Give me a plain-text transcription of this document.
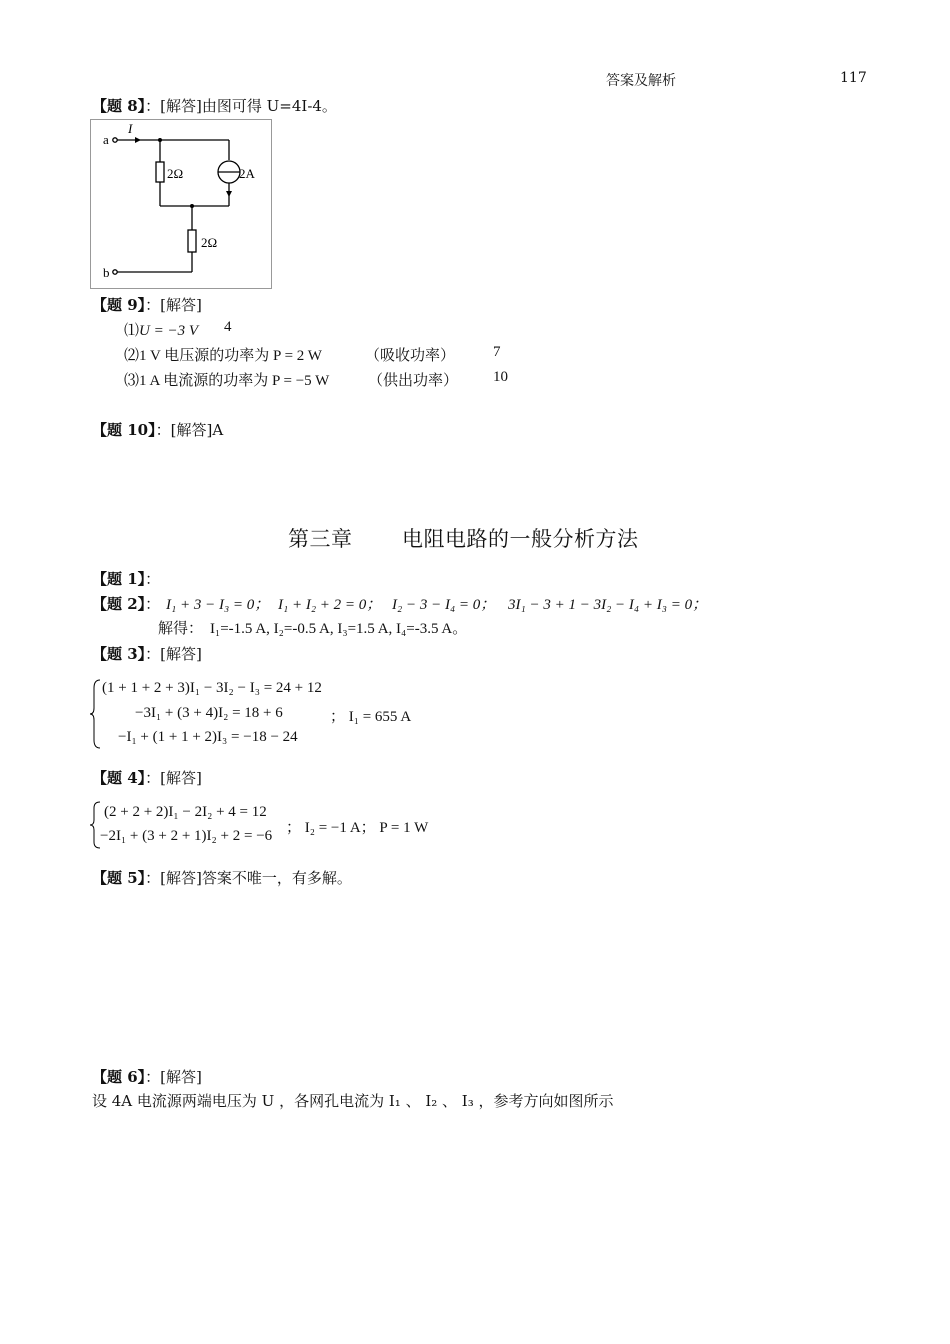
答案及解析	117
【题 8】：[解答]由图可得 U=4I-4。
a
b
I
2Ω	2A
2Ω
【题 9】：[解答]
⑴U = −3 V 4
⑵1 V 电压源的功率为 P = 2 W	（吸收功率）	7
⑶1 A 电流源的功率为 P = −5 W	（供出功率） 10
【题 10】：[解答]A
第三章 电阻电路的一般分析方法
【题 1】：
【题 2】： I₁ + 3 − I₃ = 0； I₁ + I₂ + 2 = 0； I₂ − 3 − I₄ = 0； 3I₁ − 3 + 1 − 3I₂ − I₄ + I₃ = 0；
解得： I₁=-1.5 A, I₂=-0.5 A, I₃=1.5 A, I₄=-3.5 A。
【题 3】：[解答]
(1 + 1 + 2 + 3)I₁ − 3I₂ − I₃ = 24 + 12
−3I₁ + (3 + 4)I₂ = 18 + 6
−I₁ + (1 + 1 + 2)I₃ = −18 − 24
； I₁ = 655 A
【题 4】：[解答]
(2 + 2 + 2)I₁ − 2I₂ + 4 = 12
−2I₁ + (3 + 2 + 1)I₂ + 2 = −6 ； I₂ = −1 A； P = 1 W
【题 5】：[解答]答案不唯一，有多解。
【题 6】：[解答]
设 4A 电流源两端电压为 U ，各网孔电流为 I₁ 、 I₂ 、 I₃ ，参考方向如图所示
